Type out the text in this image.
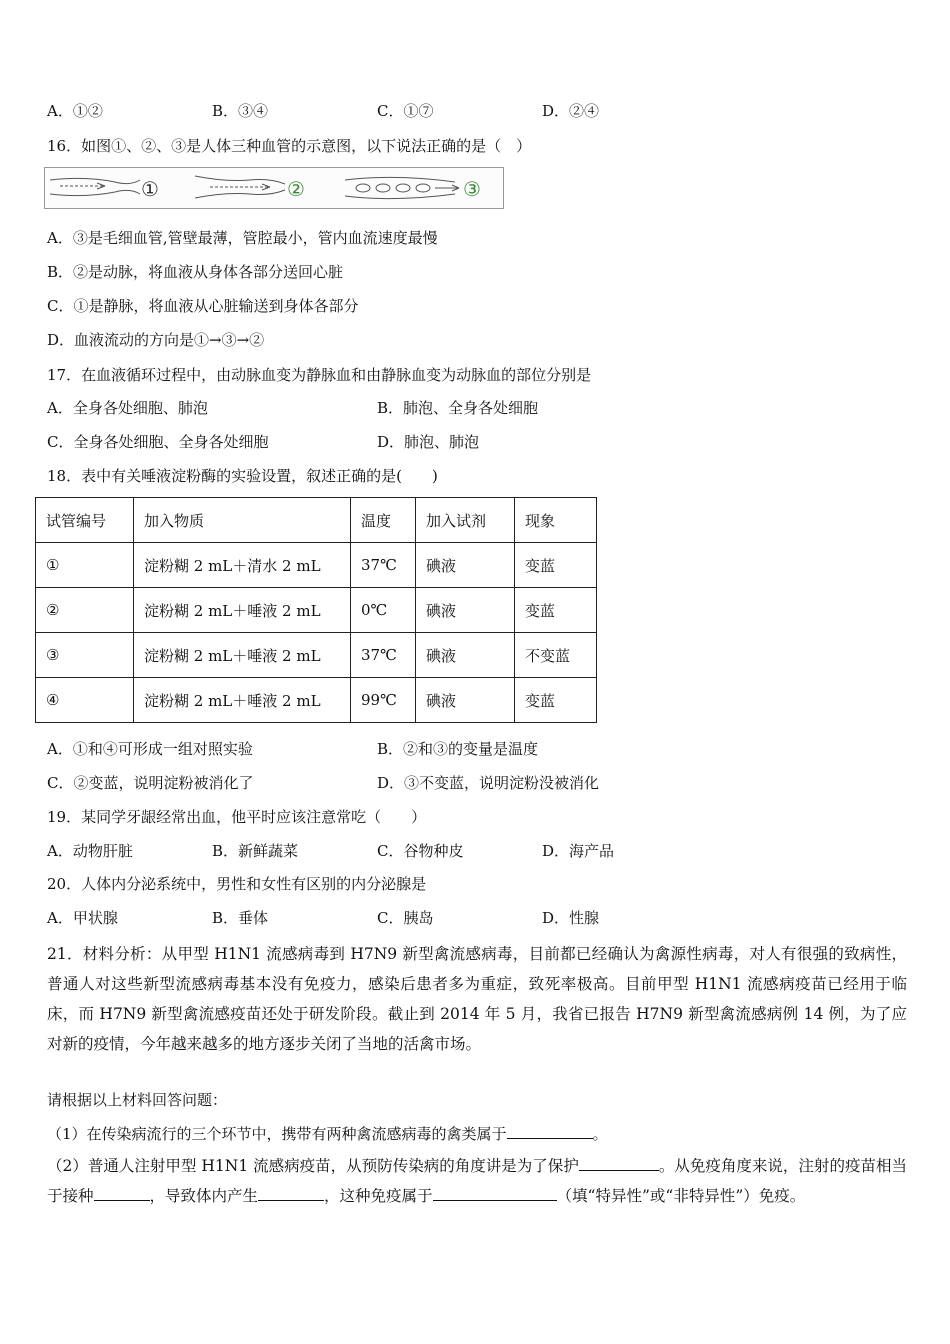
A．①②	B．③④	C．①⑦	D．②④
16．如图①、②、③是人体三种血管的示意图，以下说法正确的是（　）
①	②	③
A．③是毛细血管,管壁最薄，管腔最小，管内血流速度最慢
B．②是动脉，将血液从身体各部分送回心脏
C．①是静脉，将血液从心脏输送到身体各部分
D．血液流动的方向是①→③→②
17．在血液循环过程中，由动脉血变为静脉血和由静脉血变为动脉血的部位分别是
A．全身各处细胞、肺泡	B．肺泡、全身各处细胞
C．全身各处细胞、全身各处细胞	D．肺泡、肺泡
18．表中有关唾液淀粉酶的实验设置，叙述正确的是(　　)
试管编号	加入物质	温度	加入试剂	现象
①	淀粉糊 2 mL＋清水 2 mL	37℃	碘液	变蓝
②	淀粉糊 2 mL＋唾液 2 mL	0℃	碘液	变蓝
③	淀粉糊 2 mL＋唾液 2 mL	37℃	碘液	不变蓝
④	淀粉糊 2 mL＋唾液 2 mL	99℃	碘液	变蓝
A．①和④可形成一组对照实验	B．②和③的变量是温度
C．②变蓝，说明淀粉被消化了	D．③不变蓝，说明淀粉没被消化
19．某同学牙龈经常出血，他平时应该注意常吃（　　）
A．动物肝脏	B．新鲜蔬菜	C．谷物种皮	D．海产品
20．人体内分泌系统中，男性和女性有区别的内分泌腺是
A．甲状腺	B．垂体	C．胰岛	D．性腺
21．材料分析：从甲型 H1N1 流感病毒到 H7N9 新型禽流感病毒，目前都已经确认为禽源性病毒，对人有很强的致病性，普通人对这些新型流感病毒基本没有免疫力，感染后患者多为重症，致死率极高。目前甲型 H1N1 流感病疫苗已经用于临床，而 H7N9 新型禽流感疫苗还处于研发阶段。截止到 2014 年 5 月，我省已报告 H7N9 新型禽流感病例 14 例，为了应对新的疫情，今年越来越多的地方逐步关闭了当地的活禽市场。
请根据以上材料回答问题：
（1）在传染病流行的三个环节中，携带有两种禽流感病毒的禽类属于	。
（2）普通人注射甲型 H1N1 流感病疫苗，从预防传染病的角度讲是为了保护	。从免疫角度来说，注射的疫苗相当于接种	，导致体内产生	，这种免疫属于	（填“特异性”或“非特异性”）免疫。
